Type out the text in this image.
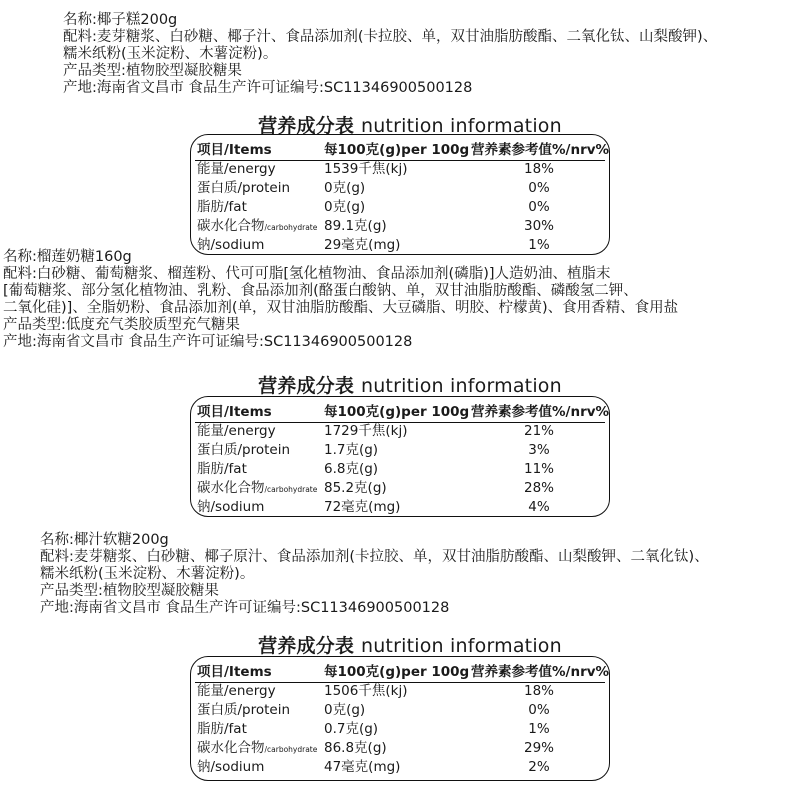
名称:椰子糕200g
配料:麦芽糖浆、白砂糖、椰子汁、食品添加剂(卡拉胶、单，双甘油脂肪酸酯、二氧化钛、山梨酸钾)、
糯米纸粉(玉米淀粉、木薯淀粉)。
产品类型:植物胶型凝胶糖果
产地:海南省文昌市 食品生产许可证编号:SC11346900500128
营养成分表 nutrition information
项目/Items	每100克(g)per 100g 营养素参考值%/nrv%
能量/energy	1539千焦(kj)	18%
蛋白质/protein	0克(g)	0%
脂肪/fat	0克(g)	0%
碳水化合物/carbohydrate 89.1克(g)	30%
钠/sodium	29毫克(mg)	1%
名称:榴莲奶糖160g
配料:白砂糖、葡萄糖浆、榴莲粉、代可可脂[氢化植物油、食品添加剂(磷脂)]人造奶油、植脂末
[葡萄糖浆、部分氢化植物油、乳粉、食品添加剂(酪蛋白酸钠、单，双甘油脂肪酸酯、磷酸氢二钾、
二氧化硅)]、全脂奶粉、食品添加剂(单，双甘油脂肪酸酯、大豆磷脂、明胶、柠檬黄)、食用香精、食用盐
产品类型:低度充气类胶质型充气糖果
产地:海南省文昌市 食品生产许可证编号:SC11346900500128
营养成分表 nutrition information
项目/Items	每100克(g)per 100g 营养素参考值%/nrv%
能量/energy	1729千焦(kj)	21%
蛋白质/protein	1.7克(g)	3%
脂肪/fat	6.8克(g)	11%
碳水化合物/carbohydrate 85.2克(g)	28%
钠/sodium	72毫克(mg)	4%
名称:椰汁软糖200g
配料:麦芽糖浆、白砂糖、椰子原汁、食品添加剂(卡拉胶、单，双甘油脂肪酸酯、山梨酸钾、二氧化钛)、
糯米纸粉(玉米淀粉、木薯淀粉)。
产品类型:植物胶型凝胶糖果
产地:海南省文昌市 食品生产许可证编号:SC11346900500128
营养成分表 nutrition information
项目/Items	每100克(g)per 100g 营养素参考值%/nrv%
能量/energy	1506千焦(kj)	18%
蛋白质/protein	0克(g)	0%
脂肪/fat	0.7克(g)	1%
碳水化合物/carbohydrate 86.8克(g)	29%
钠/sodium	47毫克(mg)	2%
